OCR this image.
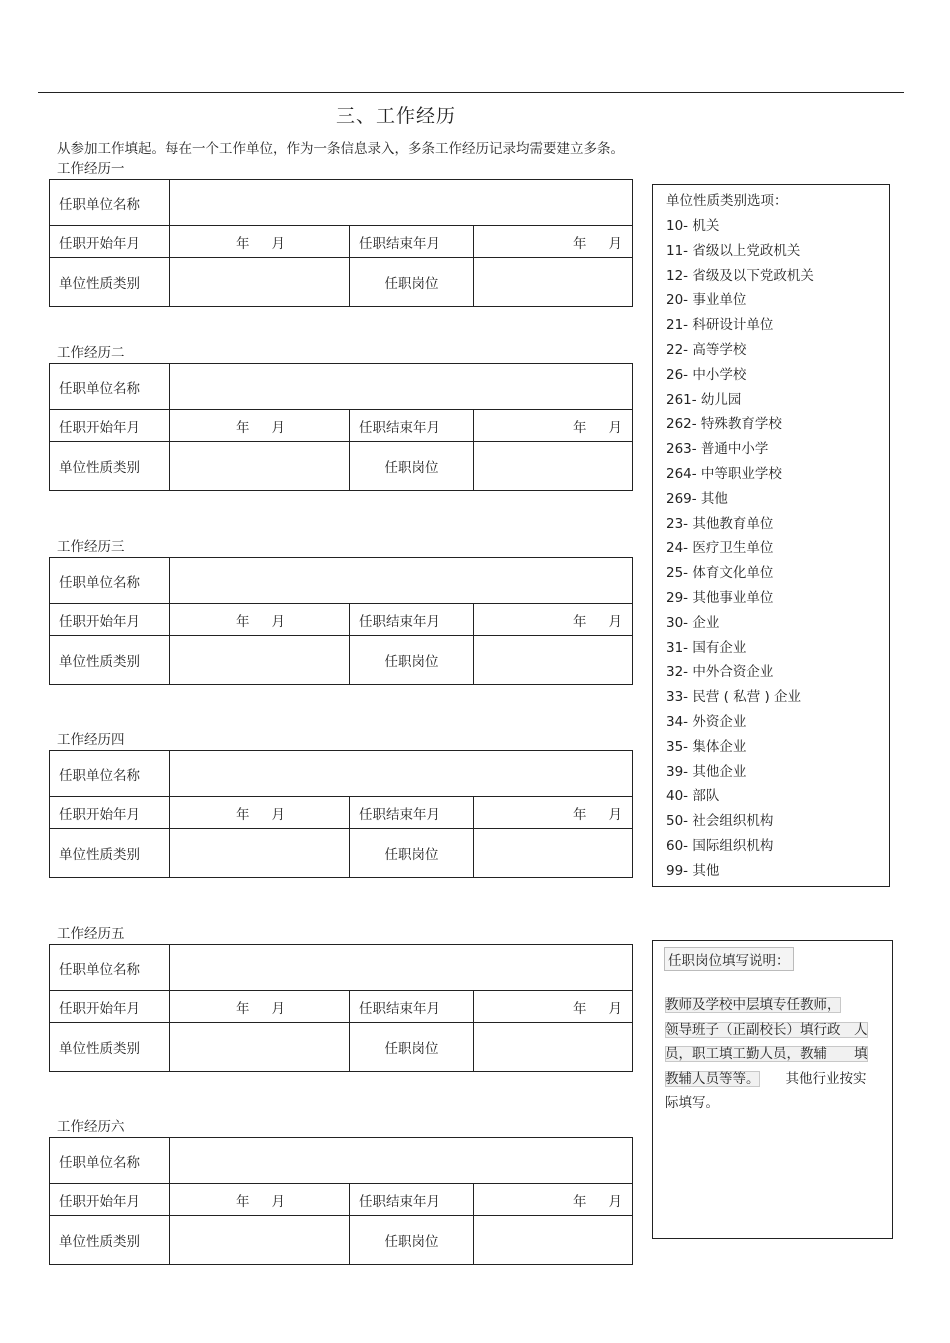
三、工作经历
从参加工作填起。每在一个工作单位，作为一条信息录入，多条工作经历记录均需要建立多条。
工作经历一
任职单位名称			
任职开始年月	年 月	任职结束年月	年 月

单位性质类别		任职岗位	
工作经历二
任职单位名称			
任职开始年月	年 月	任职结束年月	年 月

单位性质类别		任职岗位	
工作经历三
任职单位名称			
任职开始年月	年 月	任职结束年月	年 月

单位性质类别		任职岗位	
工作经历四
任职单位名称			
任职开始年月	年 月	任职结束年月	年 月

单位性质类别		任职岗位	
工作经历五
任职单位名称			
任职开始年月	年 月	任职结束年月	年 月

单位性质类别		任职岗位	
工作经历六
任职单位名称			
任职开始年月	年 月	任职结束年月	年 月

单位性质类别		任职岗位	
单位性质类别选项：
10- 机关
11- 省级以上党政机关
12- 省级及以下党政机关
20- 事业单位
21- 科研设计单位
22- 高等学校
26- 中小学校
261- 幼儿园
262- 特殊教育学校
263- 普通中小学
264- 中等职业学校
269- 其他
23- 其他教育单位
24- 医疗卫生单位
25- 体育文化单位
29- 其他事业单位
30- 企业
31- 国有企业
32- 中外合资企业
33- 民营 ( 私营 ) 企业
34- 外资企业
35- 集体企业
39- 其他企业
40- 部队
50- 社会组织机构
60- 国际组织机构
99- 其他
任职岗位填写说明：
教师及学校中层填专任教师，
领导班子（正副校长）填行政　人
员，职工填工勤人员，教辅　　填
教辅人员等等。 其他行业按实
际填写。
